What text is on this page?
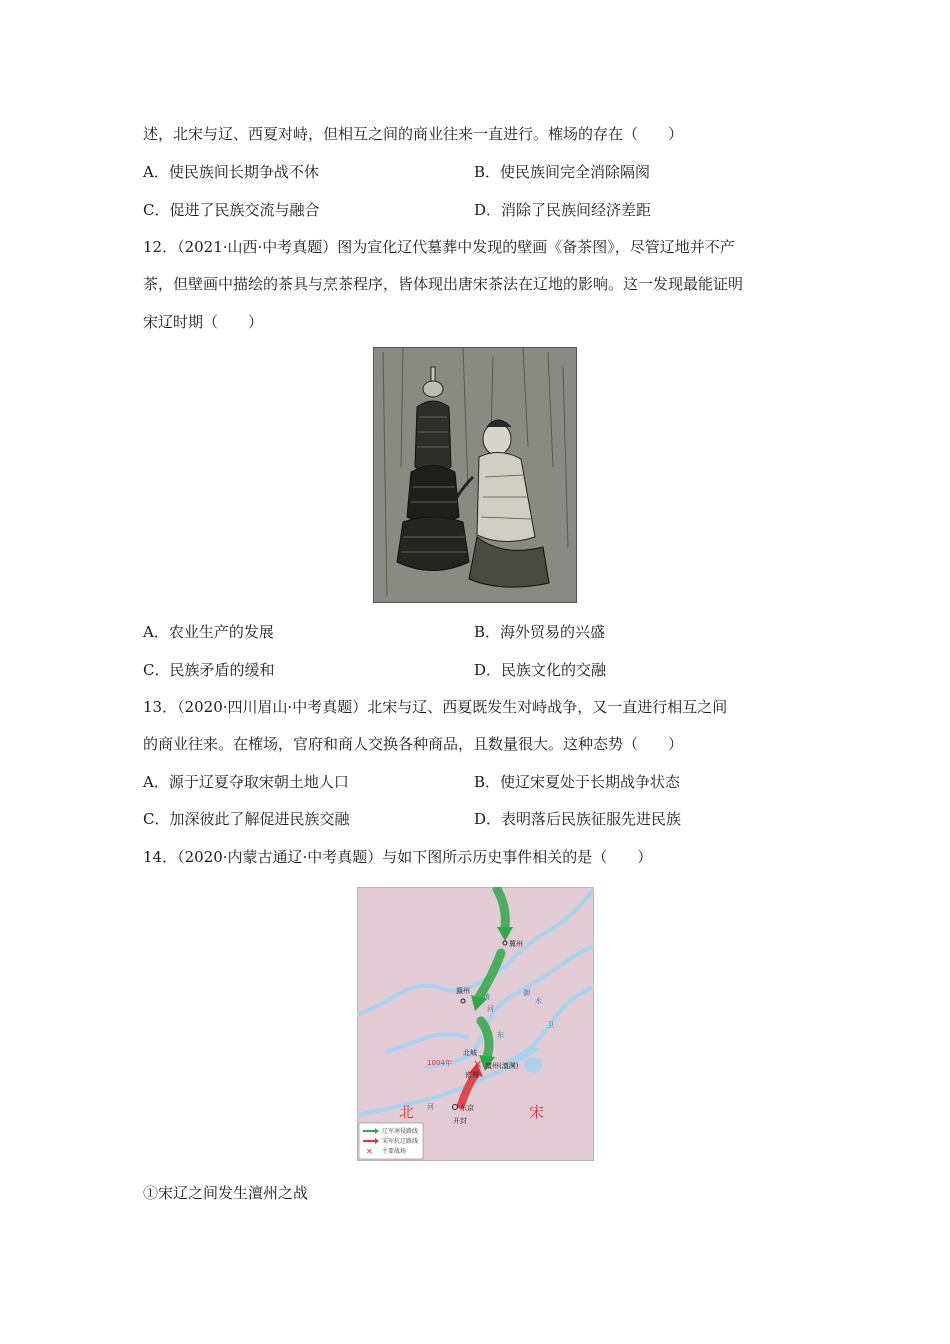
述，北宋与辽、西夏对峙，但相互之间的商业往来一直进行。榷场的存在（　　）
A．使民族间长期争战不休	B．使民族间完全消除隔阂
C．促进了民族交流与融合	D．消除了民族间经济差距
12．（2021·山西·中考真题）图为宣化辽代墓葬中发现的壁画《备茶图》，尽管辽地并不产
茶，但壁画中描绘的茶具与烹茶程序，皆体现出唐宋茶法在辽地的影响。这一发现最能证明
宋辽时期（　　）
A．农业生产的发展	B．海外贸易的兴盛
C．民族矛盾的缓和	D．民族文化的交融
13．（2020·四川眉山·中考真题）北宋与辽、西夏既发生对峙战争，又一直进行相互之间
的商业往来。在榷场，官府和商人交换各种商品，且数量很大。这种态势（　　）
A．源于辽夏夺取宋朝土地人口	B．使辽宋夏处于长期战争状态
C．加深彼此了解促进民族交融	D．表明落后民族征服先进民族
14．（2020·内蒙古通辽·中考真题）与如下图所示历史事件相关的是（　　）
黄
河
御
水
东
卫
河
冀州
瀛州
北城
1004年
南城
✕ 澶州(澶渊)
东京
开封
北	宋
辽军南侵路线
宋军抗辽路线
✕ 主要战场
①宋辽之间发生澶州之战
